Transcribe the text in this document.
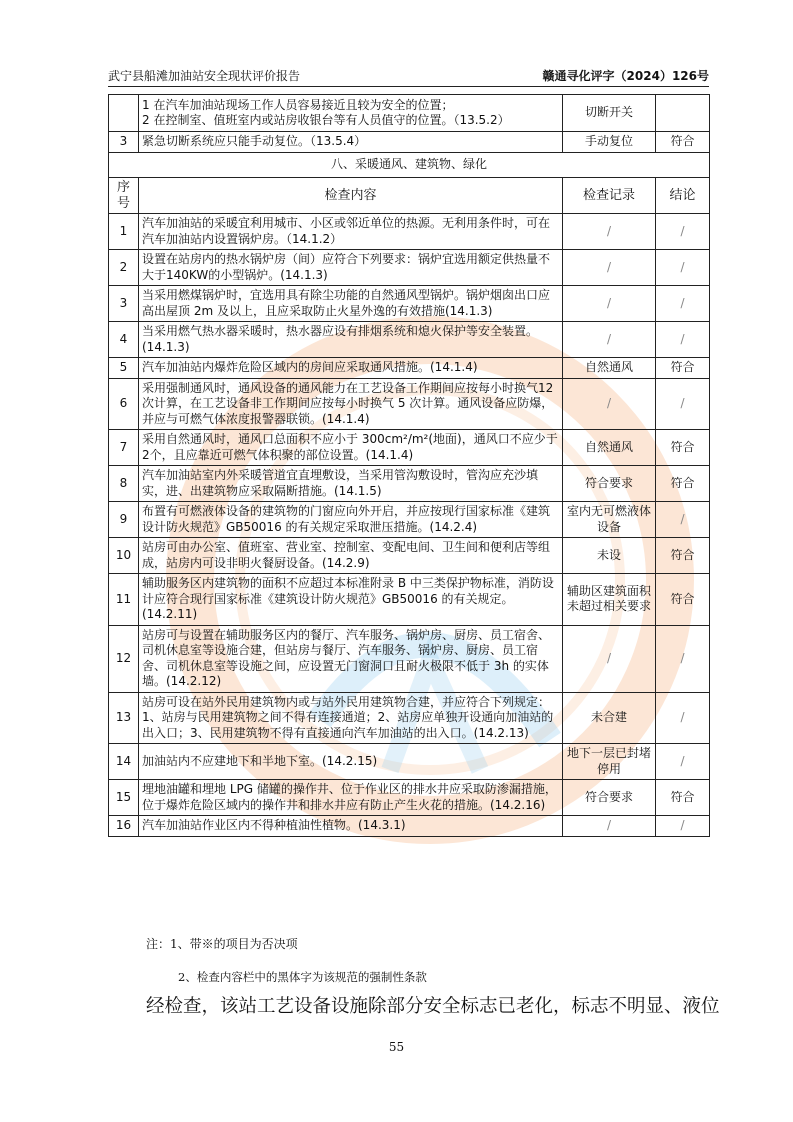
武宁县船滩加油站安全现状评价报告	赣通寻化评字（2024）126号
	1 在汽车加油站现场工作人员容易接近且较为安全的位置；
2 在控制室、值班室内或站房收银台等有人员值守的位置。（13.5.2）	切断开关	
3	紧急切断系统应只能手动复位。（13.5.4）	手动复位	符合
八、采暖通风、建筑物、绿化			
序号	检查内容	检查记录	结论
1	汽车加油站的采暖宜利用城市、小区或邻近单位的热源。无利用条件时，可在汽车加油站内设置锅炉房。（14.1.2）	/	/
2	设置在站房内的热水锅炉房（间）应符合下列要求：锅炉宜选用额定供热量不大于140KW的小型锅炉。(14.1.3)	/	/
3	当采用燃煤锅炉时，宜选用具有除尘功能的自然通风型锅炉。锅炉烟囱出口应高出屋顶 2m 及以上，且应采取防止火星外逸的有效措施(14.1.3)	/	/
4	当采用燃气热水器采暖时，热水器应设有排烟系统和熄火保护等安全装置。(14.1.3)	/	/
5	汽车加油站内爆炸危险区域内的房间应采取通风措施。(14.1.4)	自然通风	符合
6	采用强制通风时，通风设备的通风能力在工艺设备工作期间应按每小时换气12次计算，在工艺设备非工作期间应按每小时换气 5 次计算。通风设备应防爆，并应与可燃气体浓度报警器联锁。(14.1.4)	/	/
7	采用自然通风时，通风口总面积不应小于 300cm²/m²(地面)，通风口不应少于2个，且应靠近可燃气体积聚的部位设置。(14.1.4)	自然通风	符合
8	汽车加油站室内外采暖管道宜直埋敷设，当采用管沟敷设时，管沟应充沙填实，进、出建筑物应采取隔断措施。(14.1.5)	符合要求	符合
9	布置有可燃液体设备的建筑物的门窗应向外开启，并应按现行国家标准《建筑设计防火规范》GB50016 的有关规定采取泄压措施。(14.2.4)	室内无可燃液体设备	/
10	站房可由办公室、值班室、营业室、控制室、变配电间、卫生间和便利店等组成，站房内可设非明火餐厨设备。(14.2.9)	未设	符合
11	辅助服务区内建筑物的面积不应超过本标准附录 B 中三类保护物标准，消防设计应符合现行国家标准《建筑设计防火规范》GB50016 的有关规定。(14.2.11)	辅助区建筑面积未超过相关要求	符合
12	站房可与设置在辅助服务区内的餐厅、汽车服务、锅炉房、厨房、员工宿舍、司机休息室等设施合建，但站房与餐厅、汽车服务、锅炉房、厨房、员工宿舍、司机休息室等设施之间，应设置无门窗洞口且耐火极限不低于 3h 的实体墙。(14.2.12)	/	/
13	站房可设在站外民用建筑物内或与站外民用建筑物合建，并应符合下列规定：1、站房与民用建筑物之间不得有连接通道；2、站房应单独开设通向加油站的出入口；3、民用建筑物不得有直接通向汽车加油站的出入口。(14.2.13)	未合建	/
14	加油站内不应建地下和半地下室。(14.2.15)	地下一层已封堵停用	/
15	埋地油罐和埋地 LPG 储罐的操作井、位于作业区的排水井应采取防渗漏措施，位于爆炸危险区域内的操作井和排水井应有防止产生火花的措施。(14.2.16)	符合要求	符合
16	汽车加油站作业区内不得种植油性植物。(14.3.1)	/	/
注：1、带※的项目为否决项
2、检查内容栏中的黑体字为该规范的强制性条款
经检查，该站工艺设备设施除部分安全标志已老化，标志不明显、液位
55
